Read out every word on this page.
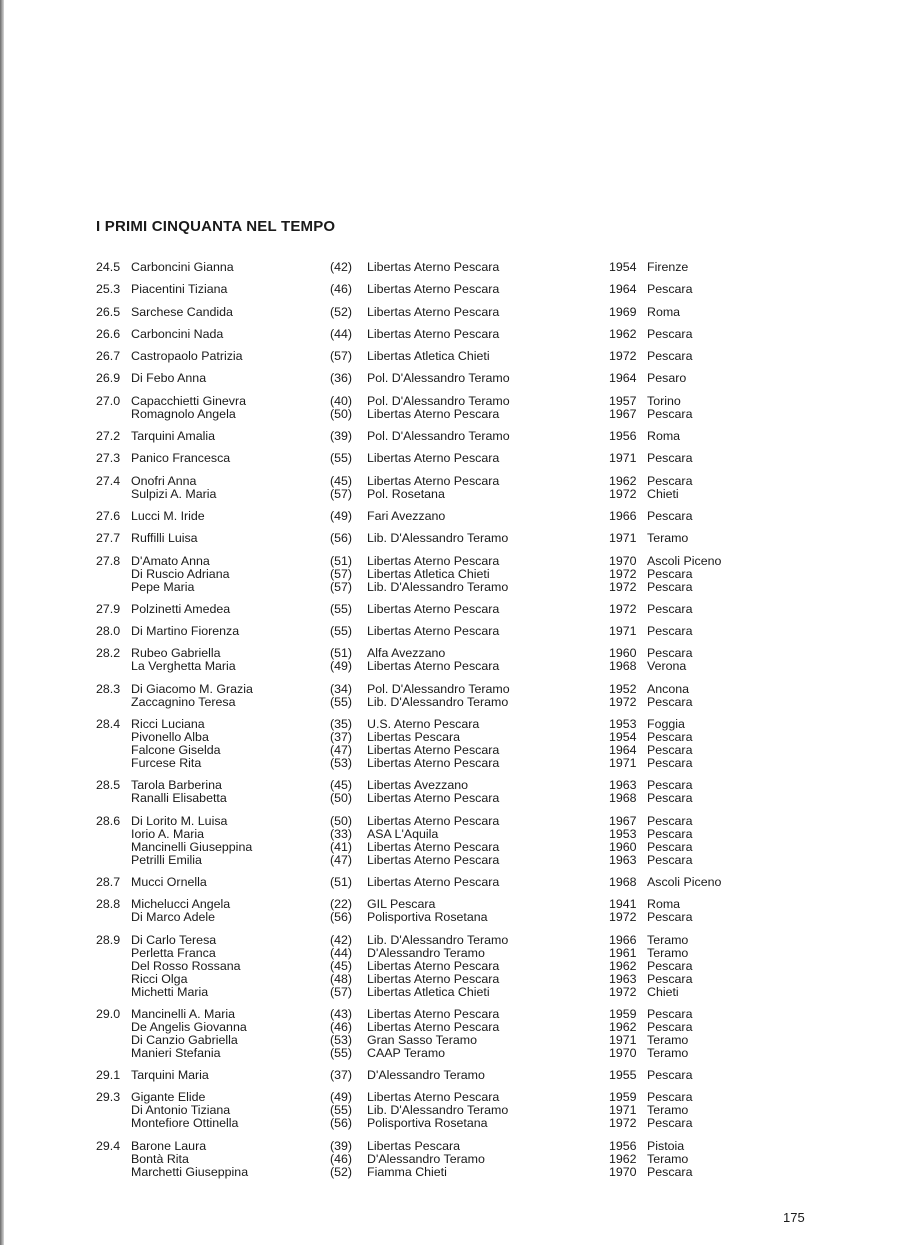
I PRIMI CINQUANTA NEL TEMPO
24.5 Carboncini Gianna	(42) Libertas Aterno Pescara	1954 Firenze
25.3 Piacentini Tiziana	(46) Libertas Aterno Pescara	1964 Pescara
26.5 Sarchese Candida	(52) Libertas Aterno Pescara	1969 Roma
26.6 Carboncini Nada	(44) Libertas Aterno Pescara	1962 Pescara
26.7 Castropaolo Patrizia	(57) Libertas Atletica Chieti	1972 Pescara
26.9 Di Febo Anna	(36) Pol. D'Alessandro Teramo	1964 Pesaro
27.0 Capacchietti Ginevra	(40) Pol. D'Alessandro Teramo	1957 Torino
Romagnolo Angela	(50) Libertas Aterno Pescara	1967 Pescara
27.2 Tarquini Amalia	(39) Pol. D'Alessandro Teramo	1956 Roma
27.3 Panico Francesca	(55) Libertas Aterno Pescara	1971 Pescara
27.4 Onofri Anna	(45) Libertas Aterno Pescara	1962 Pescara
Sulpizi A. Maria	(57) Pol. Rosetana	1972 Chieti
27.6 Lucci M. Iride	(49) Fari Avezzano	1966 Pescara
27.7 Ruffilli Luisa	(56) Lib. D'Alessandro Teramo	1971 Teramo
27.8 D'Amato Anna	(51) Libertas Aterno Pescara	1970 Ascoli Piceno
Di Ruscio Adriana	(57) Libertas Atletica Chieti	1972 Pescara
Pepe Maria	(57) Lib. D'Alessandro Teramo	1972 Pescara
27.9 Polzinetti Amedea	(55) Libertas Aterno Pescara	1972 Pescara
28.0 Di Martino Fiorenza	(55) Libertas Aterno Pescara	1971 Pescara
28.2 Rubeo Gabriella	(51) Alfa Avezzano	1960 Pescara
La Verghetta Maria	(49) Libertas Aterno Pescara	1968 Verona
28.3 Di Giacomo M. Grazia	(34) Pol. D'Alessandro Teramo	1952 Ancona
Zaccagnino Teresa	(55) Lib. D'Alessandro Teramo	1972 Pescara
28.4 Ricci Luciana	(35) U.S. Aterno Pescara	1953 Foggia
Pivonello Alba	(37) Libertas Pescara	1954 Pescara
Falcone Giselda	(47) Libertas Aterno Pescara	1964 Pescara
Furcese Rita	(53) Libertas Aterno Pescara	1971 Pescara
28.5 Tarola Barberina	(45) Libertas Avezzano	1963 Pescara
Ranalli Elisabetta	(50) Libertas Aterno Pescara	1968 Pescara
28.6 Di Lorito M. Luisa	(50) Libertas Aterno Pescara	1967 Pescara
Iorio A. Maria	(33) ASA L'Aquila	1953 Pescara
Mancinelli Giuseppina	(41) Libertas Aterno Pescara	1960 Pescara
Petrilli Emilia	(47) Libertas Aterno Pescara	1963 Pescara
28.7 Mucci Ornella	(51) Libertas Aterno Pescara	1968 Ascoli Piceno
28.8 Michelucci Angela	(22) GIL Pescara	1941 Roma
Di Marco Adele	(56) Polisportiva Rosetana	1972 Pescara
28.9 Di Carlo Teresa	(42) Lib. D'Alessandro Teramo	1966 Teramo
Perletta Franca	(44) D'Alessandro Teramo	1961 Teramo
Del Rosso Rossana	(45) Libertas Aterno Pescara	1962 Pescara
Ricci Olga	(48) Libertas Aterno Pescara	1963 Pescara
Michetti Maria	(57) Libertas Atletica Chieti	1972 Chieti
29.0 Mancinelli A. Maria	(43) Libertas Aterno Pescara	1959 Pescara
De Angelis Giovanna	(46) Libertas Aterno Pescara	1962 Pescara
Di Canzio Gabriella	(53) Gran Sasso Teramo	1971 Teramo
Manieri Stefania	(55) CAAP Teramo	1970 Teramo
29.1 Tarquini Maria	(37) D'Alessandro Teramo	1955 Pescara
29.3 Gigante Elide	(49) Libertas Aterno Pescara	1959 Pescara
Di Antonio Tiziana	(55) Lib. D'Alessandro Teramo	1971 Teramo
Montefiore Ottinella	(56) Polisportiva Rosetana	1972 Pescara
29.4 Barone Laura	(39) Libertas Pescara	1956 Pistoia
Bontà Rita	(46) D'Alessandro Teramo	1962 Teramo
Marchetti Giuseppina	(52) Fiamma Chieti	1970 Pescara
175
